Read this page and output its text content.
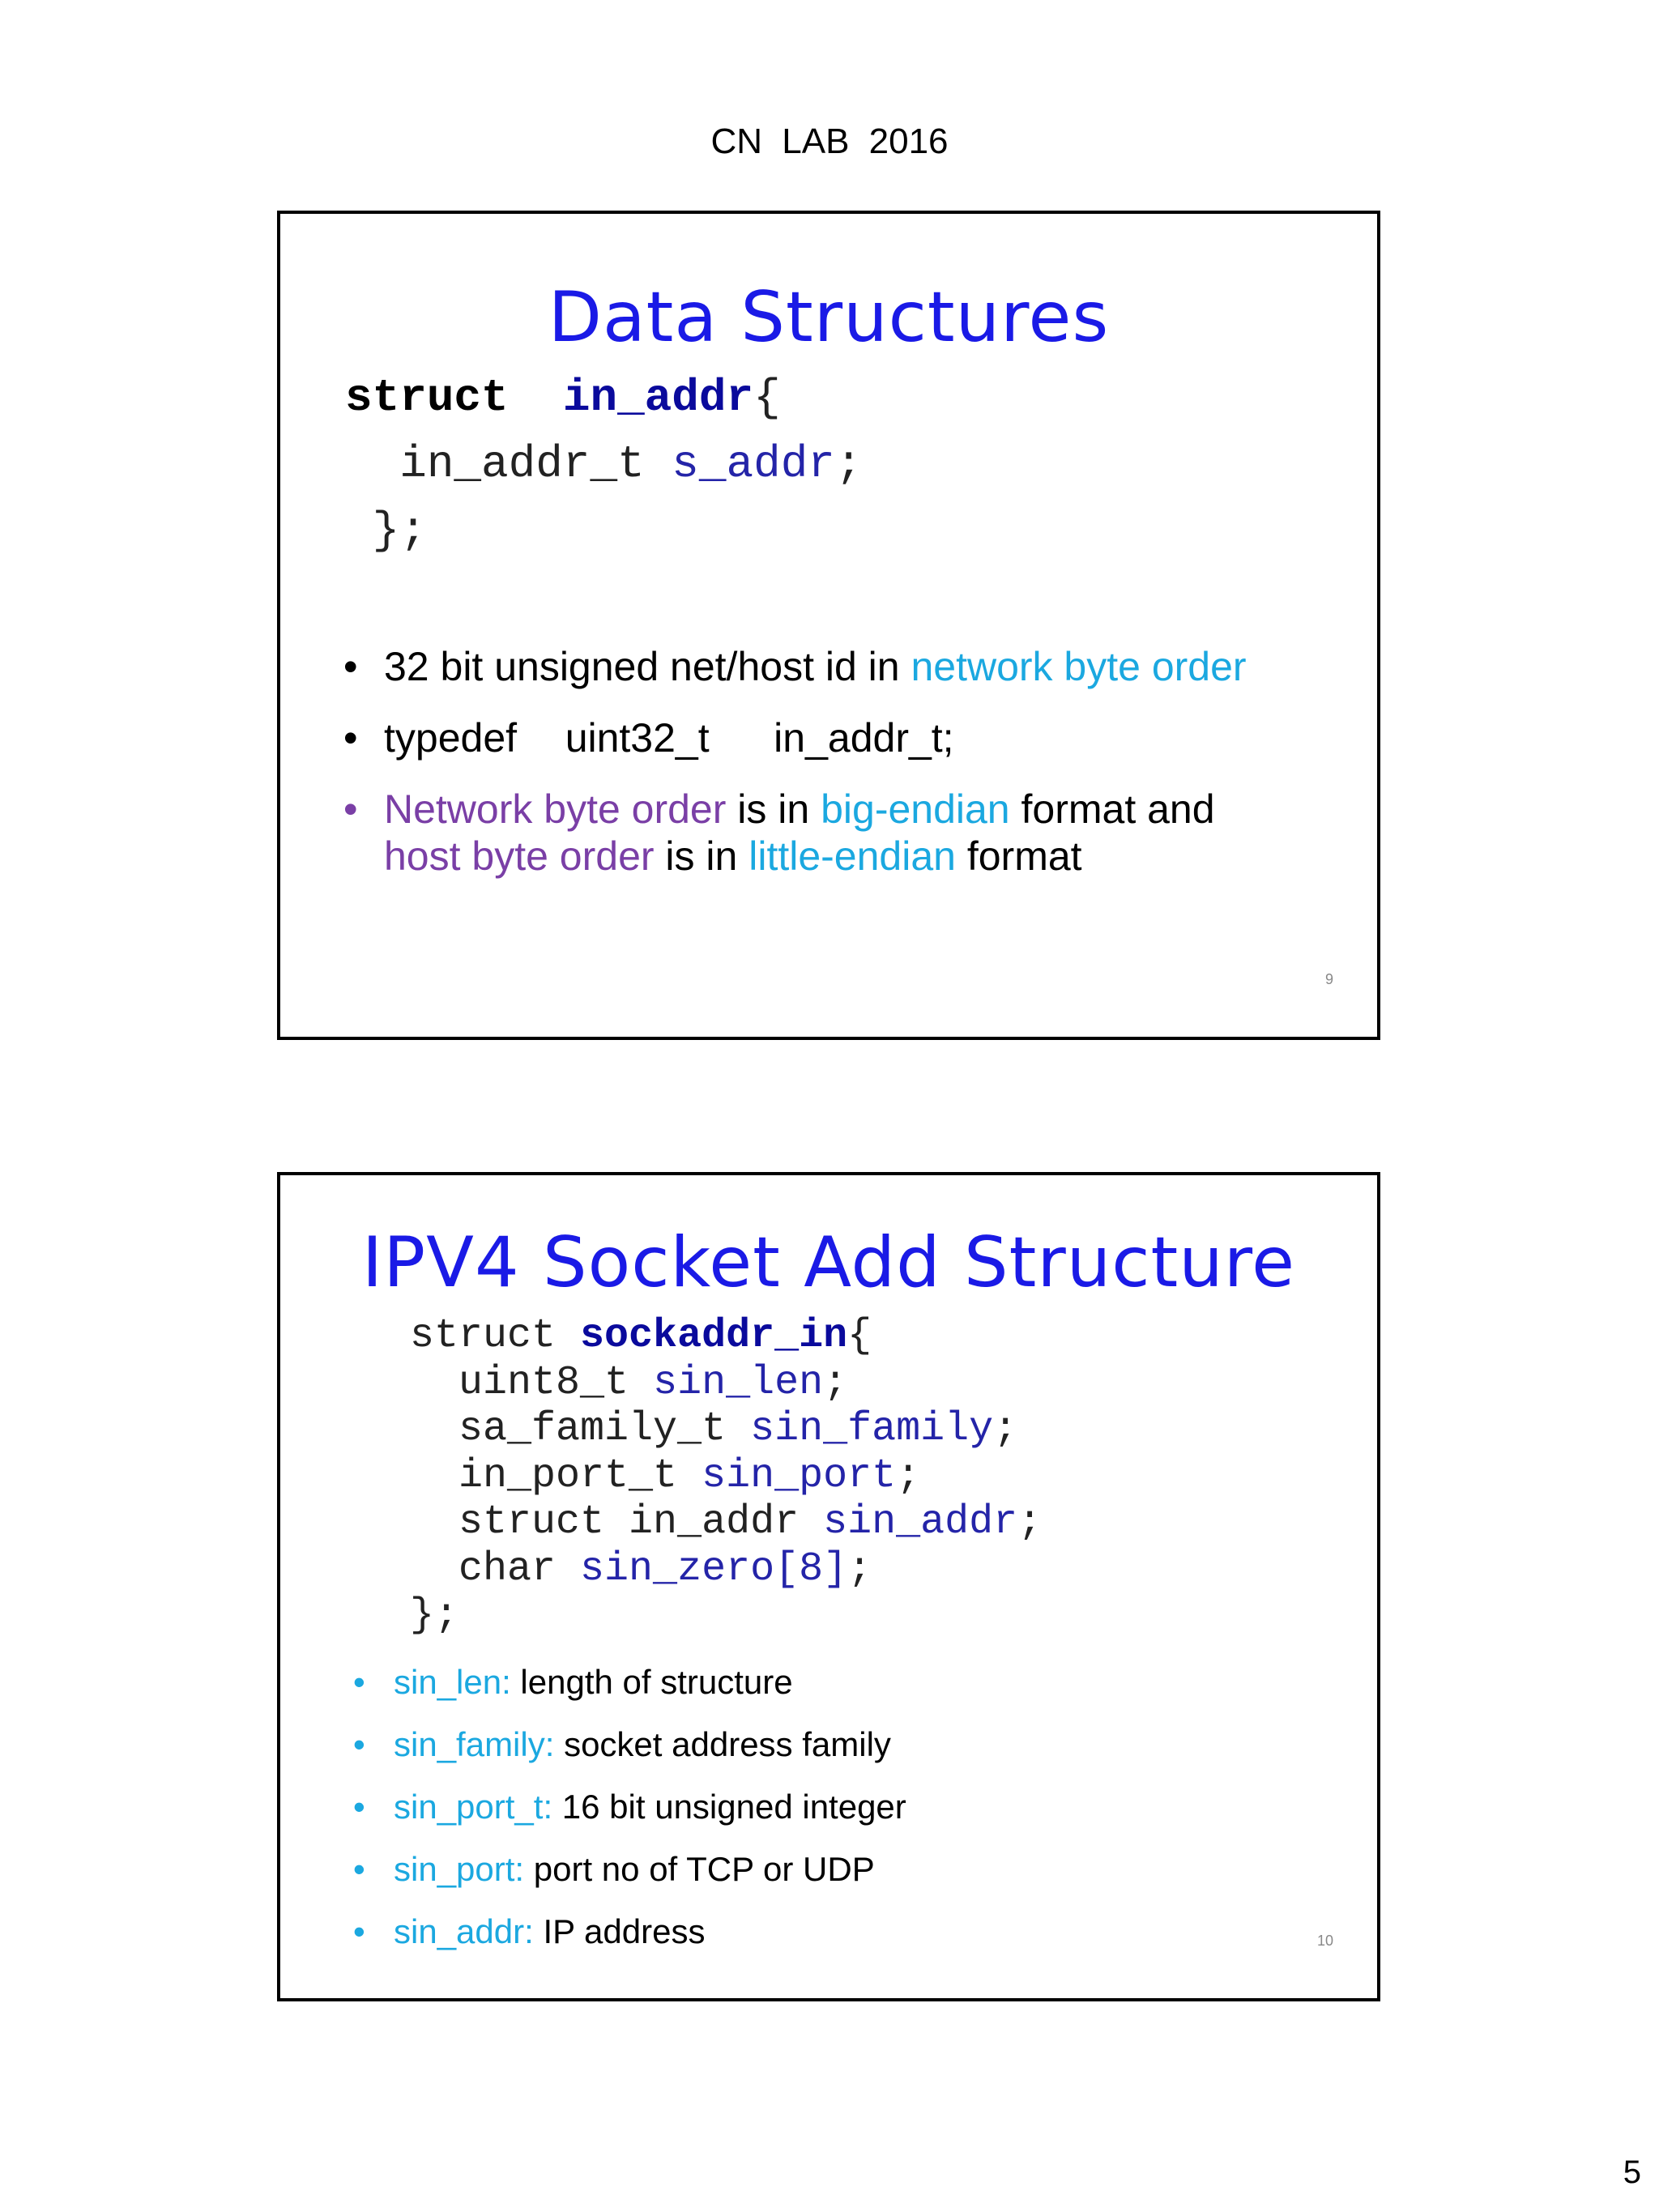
CN LAB 2016
Data Structures
struct in_addr{
in_addr_t s_addr;
};
• 32 bit unsigned net/host id in network byte order
• typedef   uint32_t    in_addr_t;
• Network byte order is in big-endian format and
host byte order is in little-endian format
9
IPV4 Socket Add Structure
struct sockaddr_in{
uint8_t sin_len;
sa_family_t sin_family;
in_port_t sin_port;
struct in_addr sin_addr;
char sin_zero[8];
};
• sin_len: length of structure
• sin_family: socket address family
• sin_port_t: 16 bit unsigned integer
• sin_port: port no of TCP or UDP
• sin_addr: IP address	10
5
